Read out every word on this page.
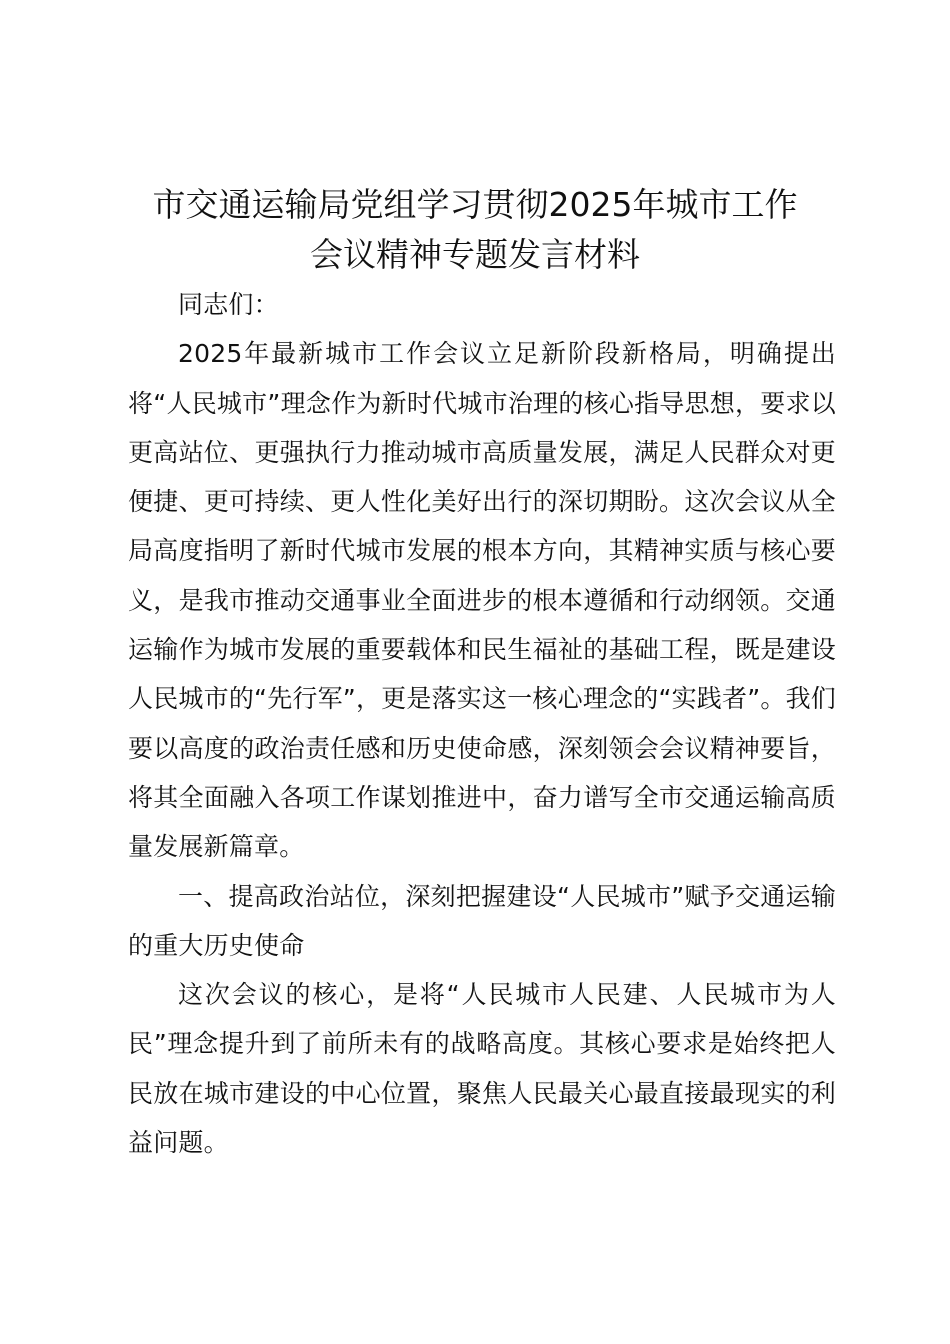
市交通运输局党组学习贯彻2025年城市工作
会议精神专题发言材料

同志们：

2025年最新城市工作会议立足新阶段新格局，明确提出将“人民城市”理念作为新时代城市治理的核心指导思想，要求以更高站位、更强执行力推动城市高质量发展，满足人民群众对更便捷、更可持续、更人性化美好出行的深切期盼。这次会议从全局高度指明了新时代城市发展的根本方向，其精神实质与核心要义，是我市推动交通事业全面进步的根本遵循和行动纲领。交通运输作为城市发展的重要载体和民生福祉的基础工程，既是建设人民城市的“先行军”，更是落实这一核心理念的“实践者”。我们要以高度的政治责任感和历史使命感，深刻领会会议精神要旨，将其全面融入各项工作谋划推进中，奋力谱写全市交通运输高质量发展新篇章。

一、提高政治站位，深刻把握建设“人民城市”赋予交通运输的重大历史使命

这次会议的核心，是将“人民城市人民建、人民城市为人民”理念提升到了前所未有的战略高度。其核心要求是始终把人民放在城市建设的中心位置，聚焦人民最关心最直接最现实的利益问题。
